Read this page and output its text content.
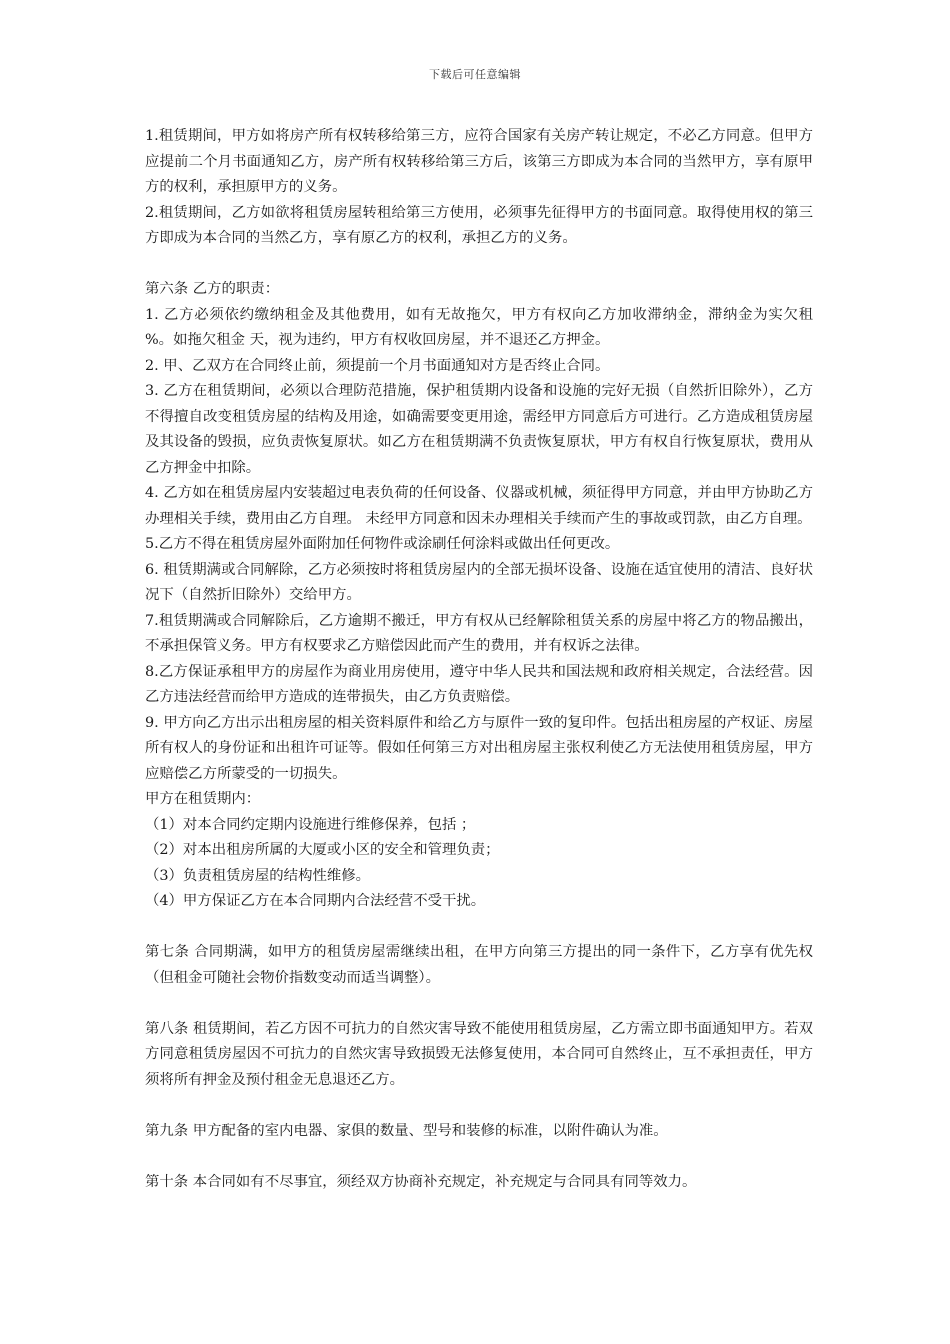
下载后可任意编辑

1.租赁期间，甲方如将房产所有权转移给第三方，应符合国家有关房产转让规定，不必乙方同意。但甲方应提前二个月书面通知乙方，房产所有权转移给第三方后，该第三方即成为本合同的当然甲方，享有原甲方的权利，承担原甲方的义务。

2.租赁期间，乙方如欲将租赁房屋转租给第三方使用，必须事先征得甲方的书面同意。取得使用权的第三方即成为本合同的当然乙方，享有原乙方的权利，承担乙方的义务。

第六条 乙方的职责：

1. 乙方必须依约缴纳租金及其他费用，如有无故拖欠，甲方有权向乙方加收滞纳金，滞纳金为实欠租 %。如拖欠租金 天，视为违约，甲方有权收回房屋，并不退还乙方押金。

2. 甲、乙双方在合同终止前，须提前一个月书面通知对方是否终止合同。

3. 乙方在租赁期间，必须以合理防范措施，保护租赁期内设备和设施的完好无损（自然折旧除外），乙方不得擅自改变租赁房屋的结构及用途，如确需要变更用途，需经甲方同意后方可进行。乙方造成租赁房屋及其设备的毁损，应负责恢复原状。如乙方在租赁期满不负责恢复原状，甲方有权自行恢复原状，费用从乙方押金中扣除。

4. 乙方如在租赁房屋内安装超过电表负荷的任何设备、仪器或机械，须征得甲方同意，并由甲方协助乙方办理相关手续，费用由乙方自理。 未经甲方同意和因未办理相关手续而产生的事故或罚款，由乙方自理。

5.乙方不得在租赁房屋外面附加任何物件或涂刷任何涂料或做出任何更改。

6. 租赁期满或合同解除，乙方必须按时将租赁房屋内的全部无损坏设备、设施在适宜使用的清洁、良好状况下（自然折旧除外）交给甲方。

7.租赁期满或合同解除后，乙方逾期不搬迁，甲方有权从已经解除租赁关系的房屋中将乙方的物品搬出，不承担保管义务。甲方有权要求乙方赔偿因此而产生的费用，并有权诉之法律。

8.乙方保证承租甲方的房屋作为商业用房使用，遵守中华人民共和国法规和政府相关规定，合法经营。因乙方违法经营而给甲方造成的连带损失，由乙方负责赔偿。

9. 甲方向乙方出示出租房屋的相关资料原件和给乙方与原件一致的复印件。包括出租房屋的产权证、房屋所有权人的身份证和出租许可证等。假如任何第三方对出租房屋主张权利使乙方无法使用租赁房屋，甲方应赔偿乙方所蒙受的一切损失。

甲方在租赁期内：

（1）对本合同约定期内设施进行维修保养，包括 ；

（2）对本出租房所属的大厦或小区的安全和管理负责；

（3）负责租赁房屋的结构性维修。

（4）甲方保证乙方在本合同期内合法经营不受干扰。

第七条 合同期满，如甲方的租赁房屋需继续出租，在甲方向第三方提出的同一条件下，乙方享有优先权（但租金可随社会物价指数变动而适当调整）。

第八条 租赁期间，若乙方因不可抗力的自然灾害导致不能使用租赁房屋，乙方需立即书面通知甲方。若双方同意租赁房屋因不可抗力的自然灾害导致损毁无法修复使用，本合同可自然终止，互不承担责任，甲方须将所有押金及预付租金无息退还乙方。

第九条 甲方配备的室内电器、家俱的数量、型号和装修的标准，以附件确认为准。

第十条 本合同如有不尽事宜，须经双方协商补充规定，补充规定与合同具有同等效力。
